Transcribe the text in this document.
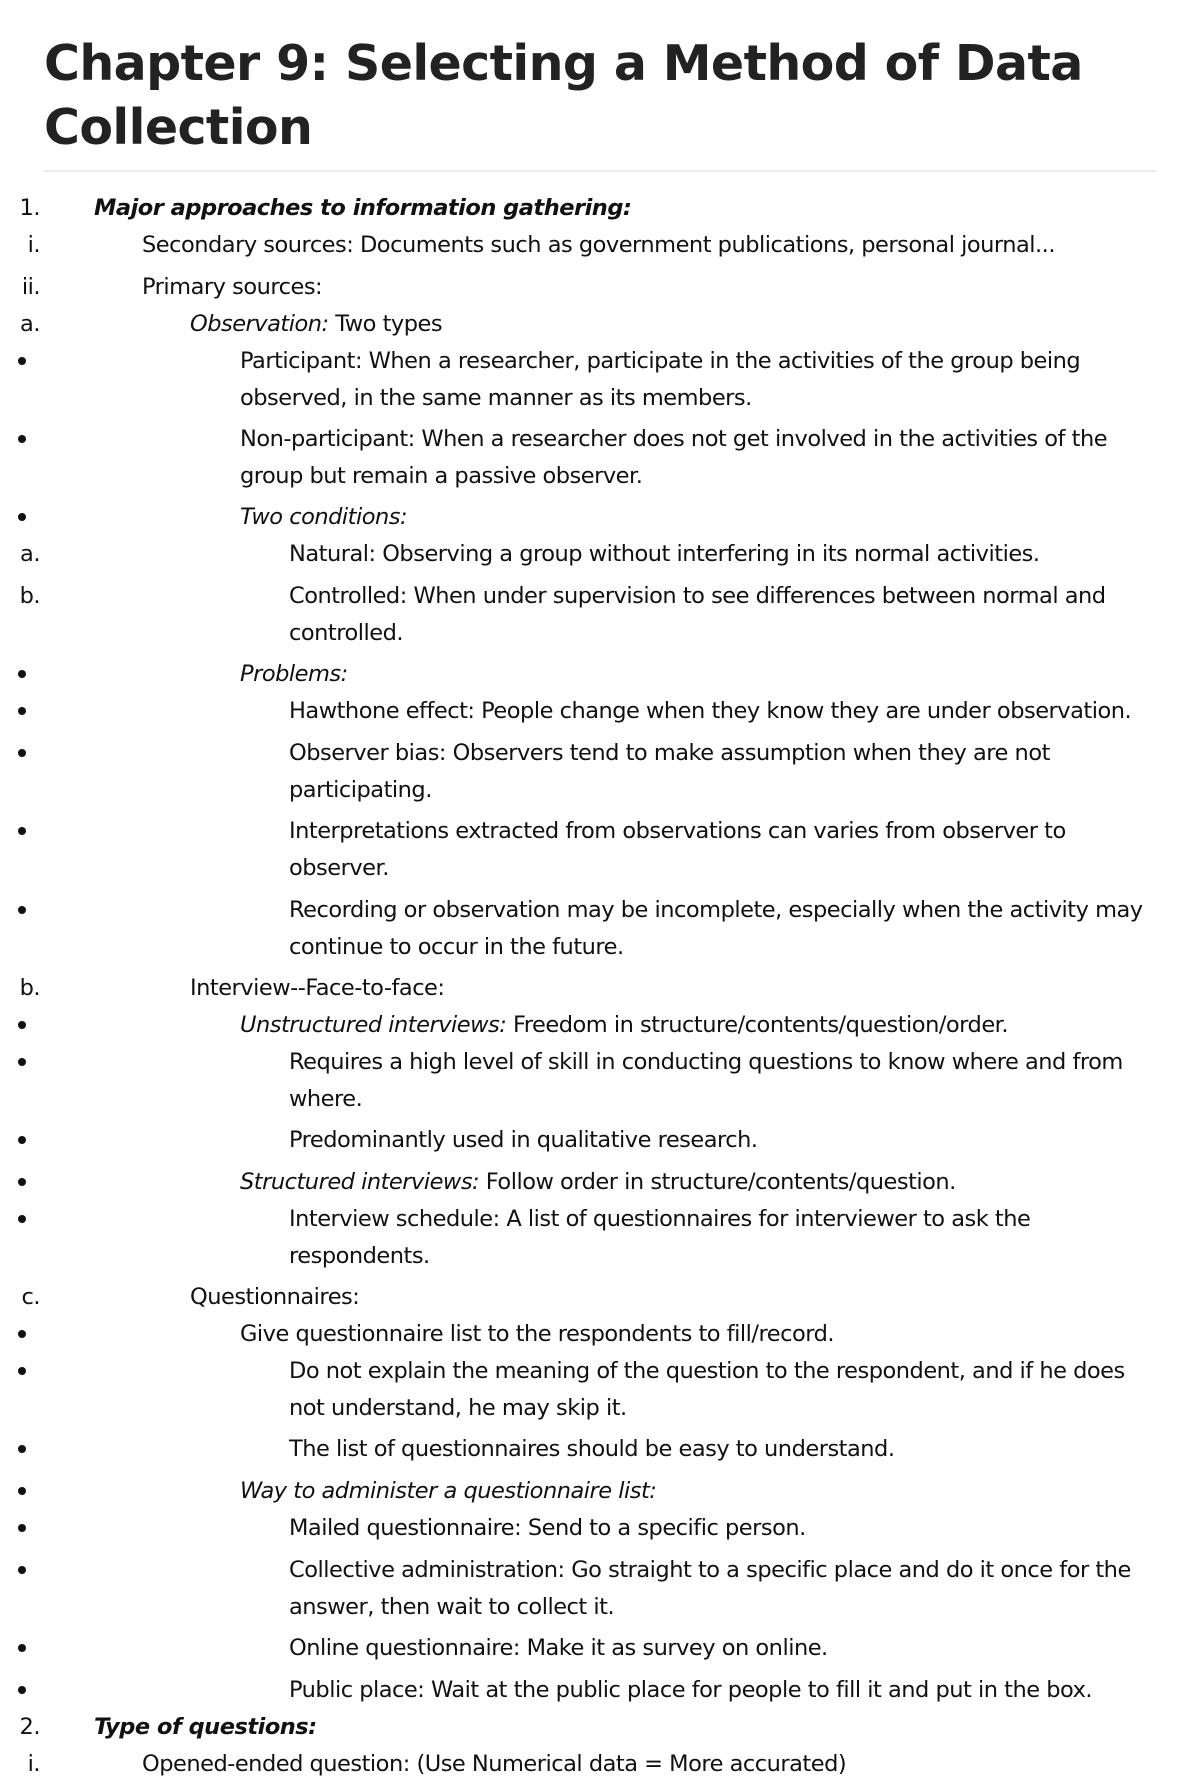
Chapter 9: Selecting a Method of Data Collection
1. Major approaches to information gathering:
i.	Secondary sources: Documents such as government publications, personal journal...
ii.	Primary sources:
a.	Observation: Two types
Participant: When a researcher, participate in the activities of the group being observed, in the same manner as its members.
Non-participant: When a researcher does not get involved in the activities of the group but remain a passive observer.
Two conditions:
a.	Natural: Observing a group without interfering in its normal activities.
b.	Controlled: When under supervision to see differences between normal and controlled.
Problems:
Hawthone effect: People change when they know they are under observation.
Observer bias: Observers tend to make assumption when they are not participating.
Interpretations extracted from observations can varies from observer to observer.
Recording or observation may be incomplete, especially when the activity may continue to occur in the future.
b.	Interview--Face-to-face:
Unstructured interviews: Freedom in structure/contents/question/order.
Requires a high level of skill in conducting questions to know where and from where.
Predominantly used in qualitative research.
Structured interviews: Follow order in structure/contents/question.
Interview schedule: A list of questionnaires for interviewer to ask the respondents.
c.	Questionnaires:
Give questionnaire list to the respondents to fill/record.
Do not explain the meaning of the question to the respondent, and if he does not understand, he may skip it.
The list of questionnaires should be easy to understand.
Way to administer a questionnaire list:
Mailed questionnaire: Send to a specific person.
Collective administration: Go straight to a specific place and do it once for the answer, then wait to collect it.
Online questionnaire: Make it as survey on online.
Public place: Wait at the public place for people to fill it and put in the box.
2. Type of questions:
i.	Opened-ended question: (Use Numerical data = More accurated)
